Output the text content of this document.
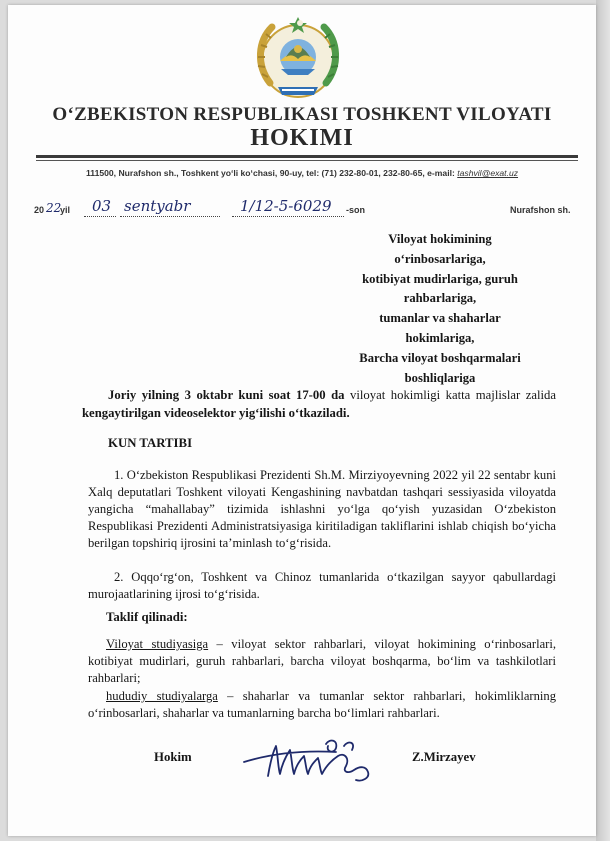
O‘ZBEKISTON RESPUBLIKASI TOSHKENT VILOYATI
HOKIMI
111500, Nurafshon sh., Toshkent yo‘li ko‘chasi, 90-uy, tel: (71) 232-80-01, 232-80-65, e-mail: tashvil@exat.uz
20 22
yil 03 sentyabr	1/12-5-6029 -son	Nurafshon sh.
Viloyat hokimining
o‘rinbosarlariga,
kotibiyat mudirlariga, guruh
rahbarlariga,
tumanlar va shaharlar
hokimlariga,
Barcha viloyat boshqarmalari
boshliqlariga
Joriy yilning 3 oktabr kuni soat 17-00 da viloyat hokimligi katta majlislar zalida kengaytirilgan videoselektor yig‘ilishi o‘tkaziladi.
KUN TARTIBI
1. O‘zbekiston Respublikasi Prezidenti Sh.M. Mirziyoyevning 2022 yil 22 sentabr kuni Xalq deputatlari Toshkent viloyati Kengashining navbatdan tashqari sessiyasida viloyatda yangicha “mahallabay” tizimida ishlashni yo‘lga qo‘yish yuzasidan O‘zbekiston Respublikasi Prezidenti Administratsiyasiga kiritiladigan takliflarini ishlab chiqish bo‘yicha berilgan topshiriq ijrosini ta’minlash to‘g‘risida.
2. Oqqo‘rg‘on, Toshkent va Chinoz tumanlarida o‘tkazilgan sayyor qabullardagi murojaatlarining ijrosi to‘g‘risida.
Taklif qilinadi:
Viloyat studiyasiga – viloyat sektor rahbarlari, viloyat hokimining o‘rinbosarlari, kotibiyat mudirlari, guruh rahbarlari, barcha viloyat boshqarma, bo‘lim va tashkilotlari rahbarlari;
hududiy studiyalarga – shaharlar va tumanlar sektor rahbarlari, hokimliklarning o‘rinbosarlari, shaharlar va tumanlarning barcha bo‘limlari rahbarlari.
Hokim	Z.Mirzayev
